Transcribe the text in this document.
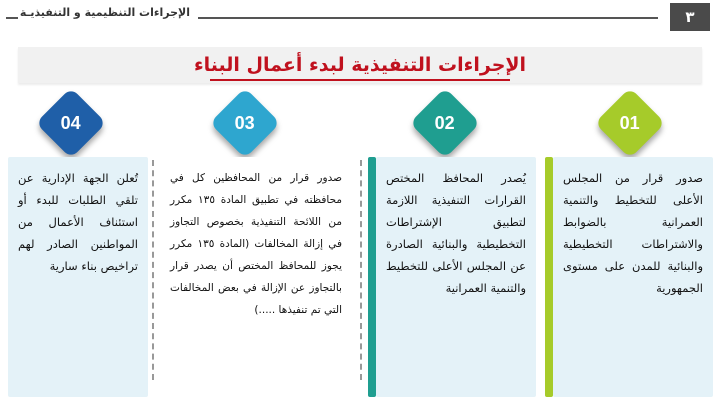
الإجراءات التنظيمية و التنفيذيـة	٣
الإجراءات التنفيذية لبدء أعمال البناء
01
02
03
04
صدور قرار من المجلس الأعلى للتخطيط والتنمية العمرانية بالضوابط والاشتراطات التخطيطية والبنائية للمدن على مستوى الجمهورية
يُصدر المحافظ المختص القرارات التنفيذية اللازمة لتطبيق الإشتراطات التخطيطية والبنائية الصادرة عن المجلس الأعلى للتخطيط والتنمية العمرانية
صدور قرار من المحافظين كل في محافظته في تطبيق المادة ١٣٥ مكرر من اللائحة التنفيذية بخصوص التجاوز في إزالة المخالفات (المادة ١٣٥ مكرر يجوز للمحافظ المختص أن يصدر قرار بالتجاوز عن الإزالة في بعض المخالفات التي تم تنفيذها .....)
تُعلن الجهة الإدارية عن تلقي الطلبات للبدء أو استئناف الأعمال من المواطنين الصادر لهم تراخيص بناء سارية
